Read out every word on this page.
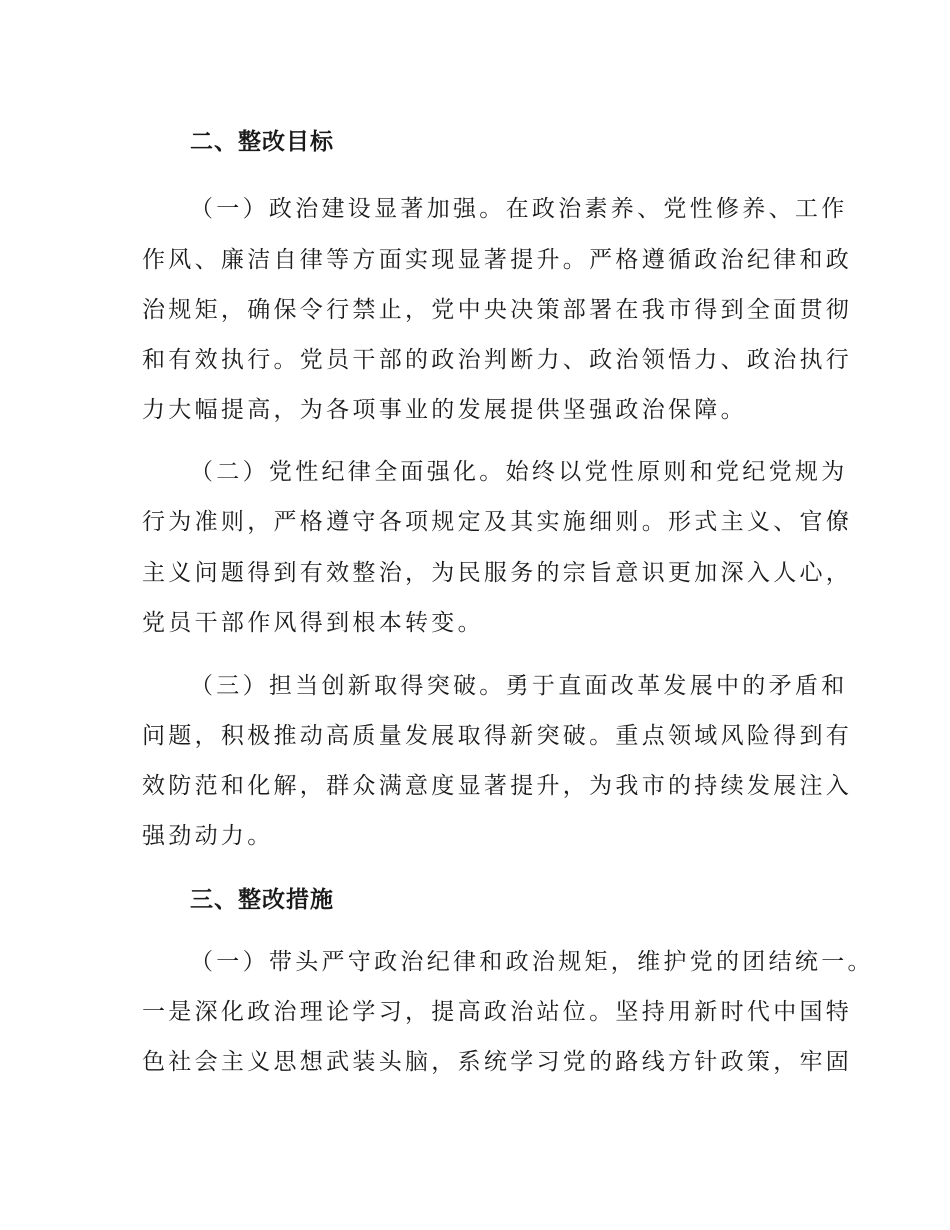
二、整改目标
（一）政治建设显著加强。在政治素养、党性修养、工作
作风、廉洁自律等方面实现显著提升。严格遵循政治纪律和政
治规矩，确保令行禁止，党中央决策部署在我市得到全面贯彻
和有效执行。党员干部的政治判断力、政治领悟力、政治执行
力大幅提高，为各项事业的发展提供坚强政治保障。
（二）党性纪律全面强化。始终以党性原则和党纪党规为
行为准则，严格遵守各项规定及其实施细则。形式主义、官僚
主义问题得到有效整治，为民服务的宗旨意识更加深入人心，
党员干部作风得到根本转变。
（三）担当创新取得突破。勇于直面改革发展中的矛盾和
问题，积极推动高质量发展取得新突破。重点领域风险得到有
效防范和化解，群众满意度显著提升，为我市的持续发展注入
强劲动力。
三、整改措施
（一）带头严守政治纪律和政治规矩，维护党的团结统一。
一是深化政治理论学习，提高政治站位。坚持用新时代中国特
色社会主义思想武装头脑，系统学习党的路线方针政策，牢固
